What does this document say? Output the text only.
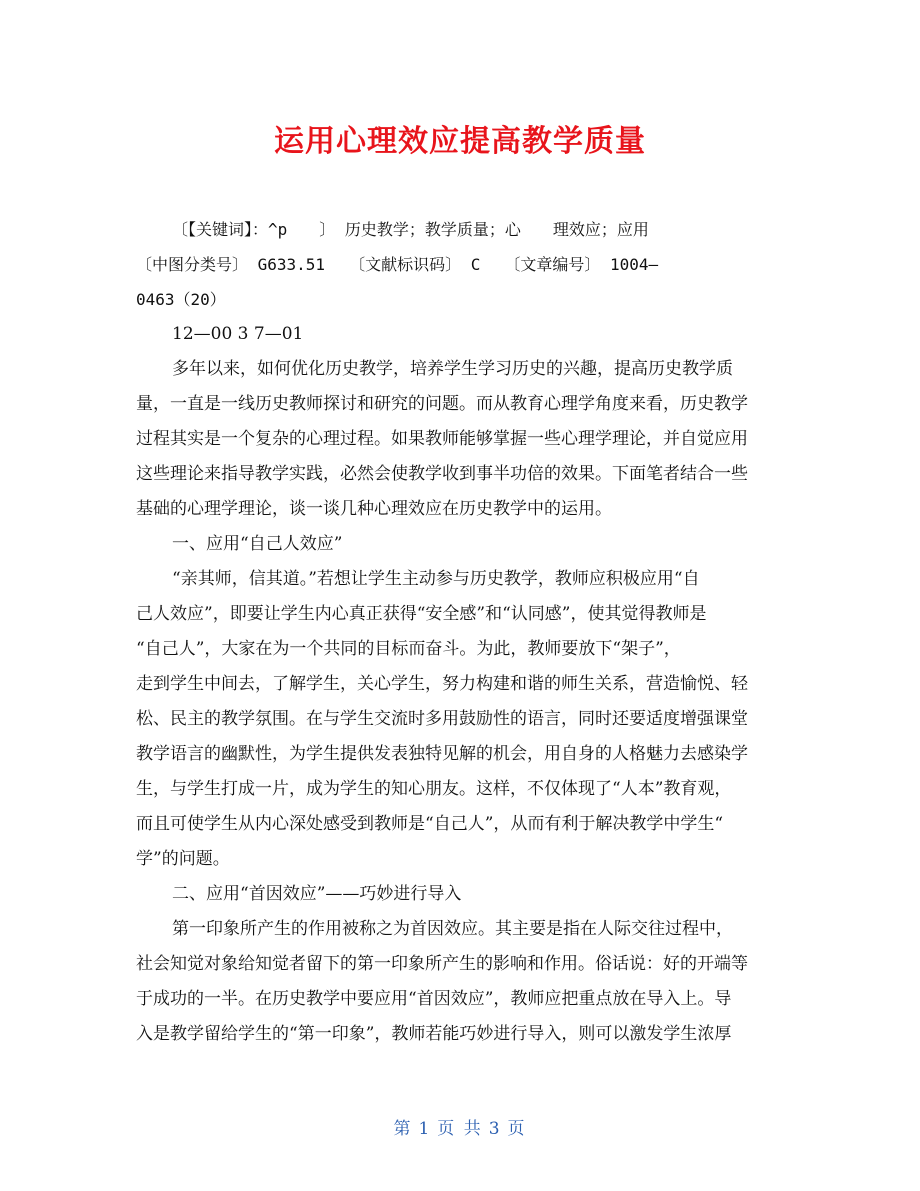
运用心理效应提高教学质量
〔【关键词】：^p　　〕 历史教学；教学质量；心　　理效应；应用
〔中图分类号〕 G633.51　　〔文献标识码〕 C　　〔文章编号〕 1004—
0463（20）
12—00 3 7—01
多年以来，如何优化历史教学，培养学生学习历史的兴趣，提高历史教学质
量，一直是一线历史教师探讨和研究的问题。而从教育心理学角度来看，历史教学
过程其实是一个复杂的心理过程。如果教师能够掌握一些心理学理论，并自觉应用
这些理论来指导教学实践，必然会使教学收到事半功倍的效果。下面笔者结合一些
基础的心理学理论，谈一谈几种心理效应在历史教学中的运用。
一、应用“自己人效应”
“亲其师，信其道。”若想让学生主动参与历史教学，教师应积极应用“自
己人效应”，即要让学生内心真正获得“安全感”和“认同感”，使其觉得教师是
“自己人”，大家在为一个共同的目标而奋斗。为此，教师要放下“架子”，
走到学生中间去，了解学生，关心学生，努力构建和谐的师生关系，营造愉悦、轻
松、民主的教学氛围。在与学生交流时多用鼓励性的语言，同时还要适度增强课堂
教学语言的幽默性，为学生提供发表独特见解的机会，用自身的人格魅力去感染学
生，与学生打成一片，成为学生的知心朋友。这样，不仅体现了“人本”教育观，
而且可使学生从内心深处感受到教师是“自己人”，从而有利于解决教学中学生“
学”的问题。
二、应用“首因效应”——巧妙进行导入
第一印象所产生的作用被称之为首因效应。其主要是指在人际交往过程中，
社会知觉对象给知觉者留下的第一印象所产生的影响和作用。俗话说：好的开端等
于成功的一半。在历史教学中要应用“首因效应”，教师应把重点放在导入上。导
入是教学留给学生的“第一印象”，教师若能巧妙进行导入，则可以激发学生浓厚
第 1 页 共 3 页
